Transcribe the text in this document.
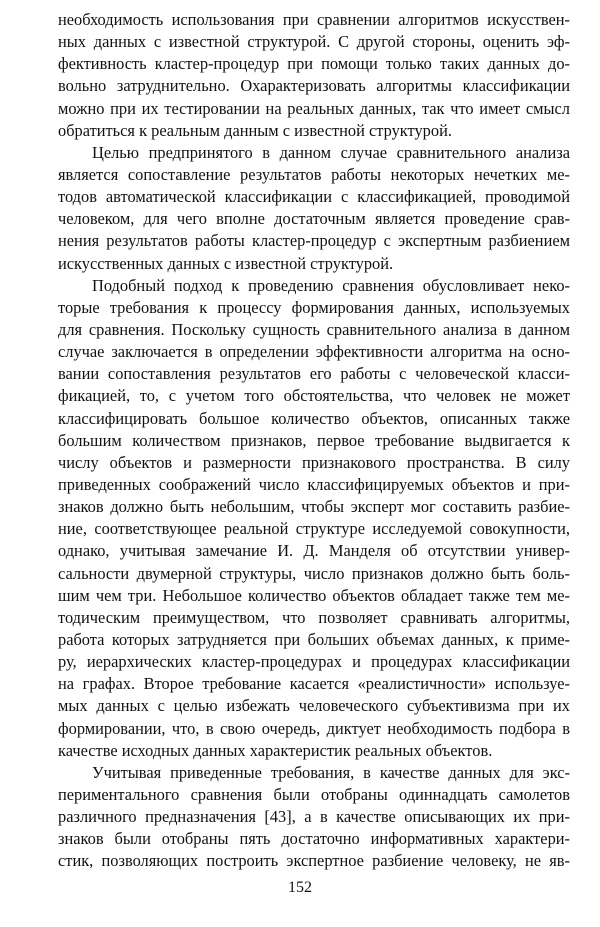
необходимость использования при сравнении алгоритмов искусствен-
ных данных с известной структурой. С другой стороны, оценить эф-
фективность кластер-процедур при помощи только таких данных до-
вольно затруднительно. Охарактеризовать алгоритмы классификации
можно при их тестировании на реальных данных, так что имеет смысл
обратиться к реальным данным с известной структурой.
Целью предпринятого в данном случае сравнительного анализа
является сопоставление результатов работы некоторых нечетких ме-
тодов автоматической классификации с классификацией, проводимой
человеком, для чего вполне достаточным является проведение срав-
нения результатов работы кластер-процедур с экспертным разбиением
искусственных данных с известной структурой.
Подобный подход к проведению сравнения обусловливает неко-
торые требования к процессу формирования данных, используемых
для сравнения. Поскольку сущность сравнительного анализа в данном
случае заключается в определении эффективности алгоритма на осно-
вании сопоставления результатов его работы с человеческой класси-
фикацией, то, с учетом того обстоятельства, что человек не может
классифицировать большое количество объектов, описанных также
большим количеством признаков, первое требование выдвигается к
числу объектов и размерности признакового пространства. В силу
приведенных соображений число классифицируемых объектов и при-
знаков должно быть небольшим, чтобы эксперт мог составить разбие-
ние, соответствующее реальной структуре исследуемой совокупности,
однако, учитывая замечание И. Д. Манделя об отсутствии универ-
сальности двумерной структуры, число признаков должно быть боль-
шим чем три. Небольшое количество объектов обладает также тем ме-
тодическим преимуществом, что позволяет сравнивать алгоритмы,
работа которых затрудняется при больших объемах данных, к приме-
ру, иерархических кластер-процедурах и процедурах классификации
на графах. Второе требование касается «реалистичности» используе-
мых данных с целью избежать человеческого субъективизма при их
формировании, что, в свою очередь, диктует необходимость подбора в
качестве исходных данных характеристик реальных объектов.
Учитывая приведенные требования, в качестве данных для экс-
периментального сравнения были отобраны одиннадцать самолетов
различного предназначения [43], а в качестве описывающих их при-
знаков были отобраны пять достаточно информативных характери-
стик, позволяющих построить экспертное разбиение человеку, не яв-
152
